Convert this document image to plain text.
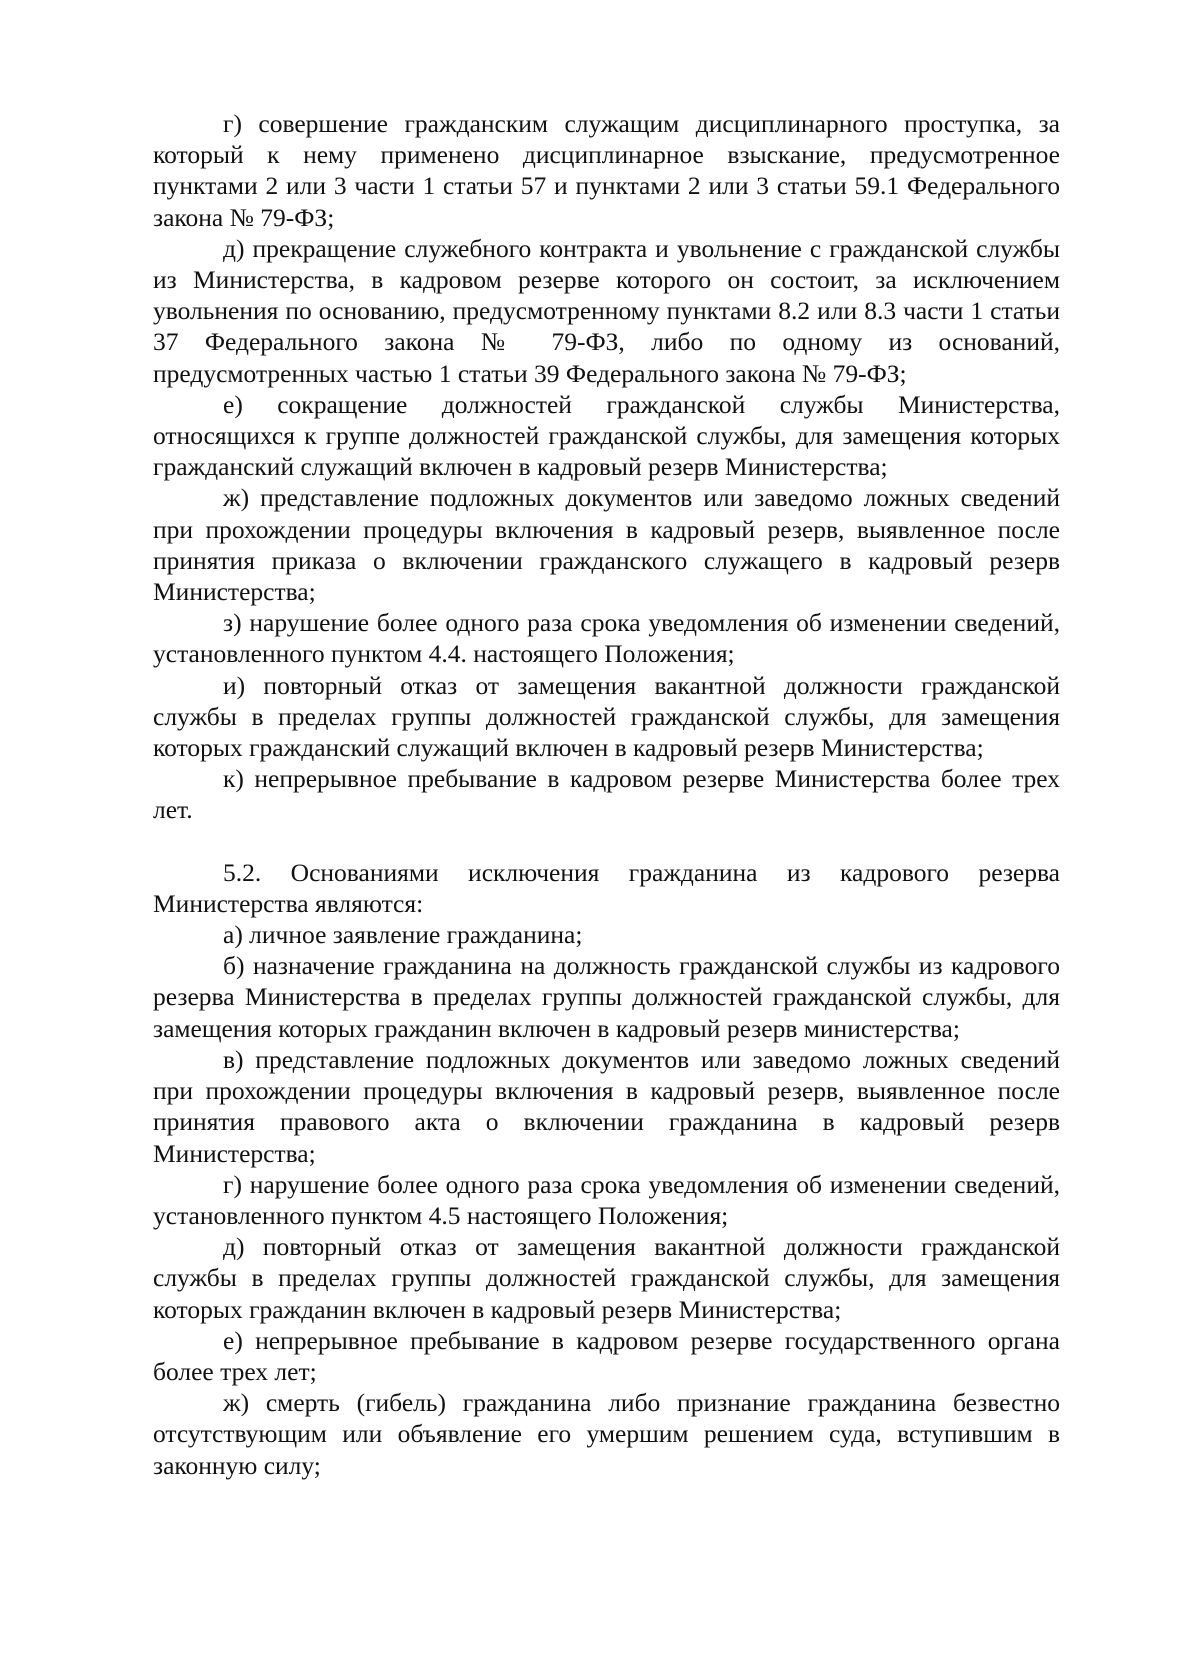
г) совершение гражданским служащим дисциплинарного проступка, за который к нему применено дисциплинарное взыскание, предусмотренное пунктами 2 или 3 части 1 статьи 57 и пунктами 2 или 3 статьи 59.1 Федерального закона № 79-ФЗ;

д) прекращение служебного контракта и увольнение с гражданской службы из Министерства, в кадровом резерве которого он состоит, за исключением увольнения по основанию, предусмотренному пунктами 8.2 или 8.3 части 1 статьи 37 Федерального закона № 79-ФЗ, либо по одному из оснований, предусмотренных частью 1 статьи 39 Федерального закона № 79-ФЗ;

е) сокращение должностей гражданской службы Министерства, относящихся к группе должностей гражданской службы, для замещения которых гражданский служащий включен в кадровый резерв Министерства;

ж) представление подложных документов или заведомо ложных сведений при прохождении процедуры включения в кадровый резерв, выявленное после принятия приказа о включении гражданского служащего в кадровый резерв Министерства;

з) нарушение более одного раза срока уведомления об изменении сведений, установленного пунктом 4.4. настоящего Положения;

и) повторный отказ от замещения вакантной должности гражданской службы в пределах группы должностей гражданской службы, для замещения которых гражданский служащий включен в кадровый резерв Министерства;

к) непрерывное пребывание в кадровом резерве Министерства более трех лет.

5.2. Основаниями исключения гражданина из кадрового резерва Министерства являются:

а) личное заявление гражданина;

б) назначение гражданина на должность гражданской службы из кадрового резерва Министерства в пределах группы должностей гражданской службы, для замещения которых гражданин включен в кадровый резерв министерства;

в) представление подложных документов или заведомо ложных сведений при прохождении процедуры включения в кадровый резерв, выявленное после принятия правового акта о включении гражданина в кадровый резерв Министерства;

г) нарушение более одного раза срока уведомления об изменении сведений, установленного пунктом 4.5 настоящего Положения;

д) повторный отказ от замещения вакантной должности гражданской службы в пределах группы должностей гражданской службы, для замещения которых гражданин включен в кадровый резерв Министерства;

е) непрерывное пребывание в кадровом резерве государственного органа более трех лет;

ж) смерть (гибель) гражданина либо признание гражданина безвестно отсутствующим или объявление его умершим решением суда, вступившим в законную силу;
